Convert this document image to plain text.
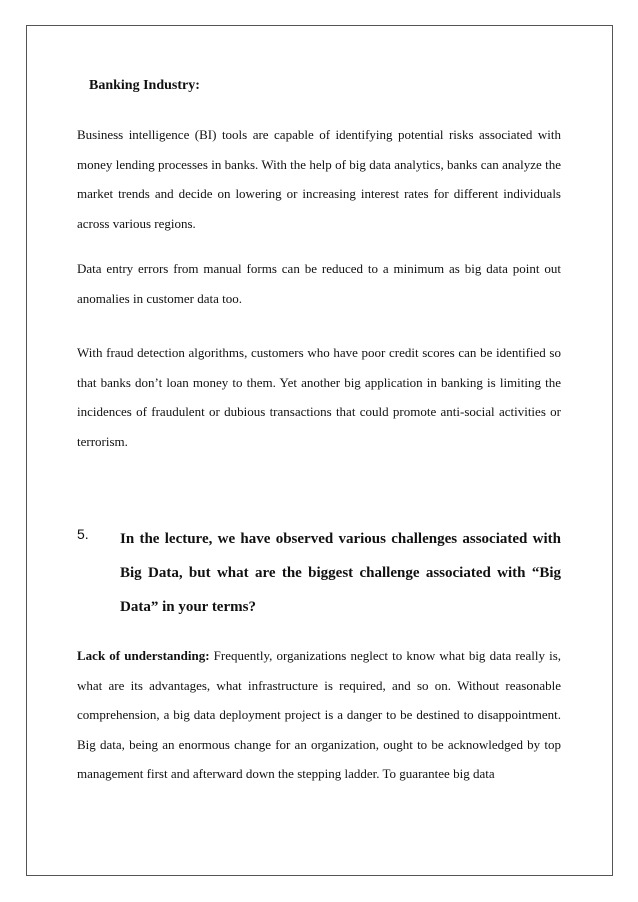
Banking Industry:

Business intelligence (BI) tools are capable of identifying potential risks associated with money lending processes in banks. With the help of big data analytics, banks can analyze the market trends and decide on lowering or increasing interest rates for different individuals across various regions.

Data entry errors from manual forms can be reduced to a minimum as big data point out anomalies in customer data too.

With fraud detection algorithms, customers who have poor credit scores can be identified so that banks don’t loan money to them. Yet another big application in banking is limiting the incidences of fraudulent or dubious transactions that could promote anti-social activities or terrorism.

5. In the lecture, we have observed various challenges associated with Big Data, but what are the biggest challenge associated with “Big Data” in your terms?

Lack of understanding: Frequently, organizations neglect to know what big data really is, what are its advantages, what infrastructure is required, and so on. Without reasonable comprehension, a big data deployment project is a danger to be destined to disappointment. Big data, being an enormous change for an organization, ought to be acknowledged by top management first and afterward down the stepping ladder. To guarantee big data
